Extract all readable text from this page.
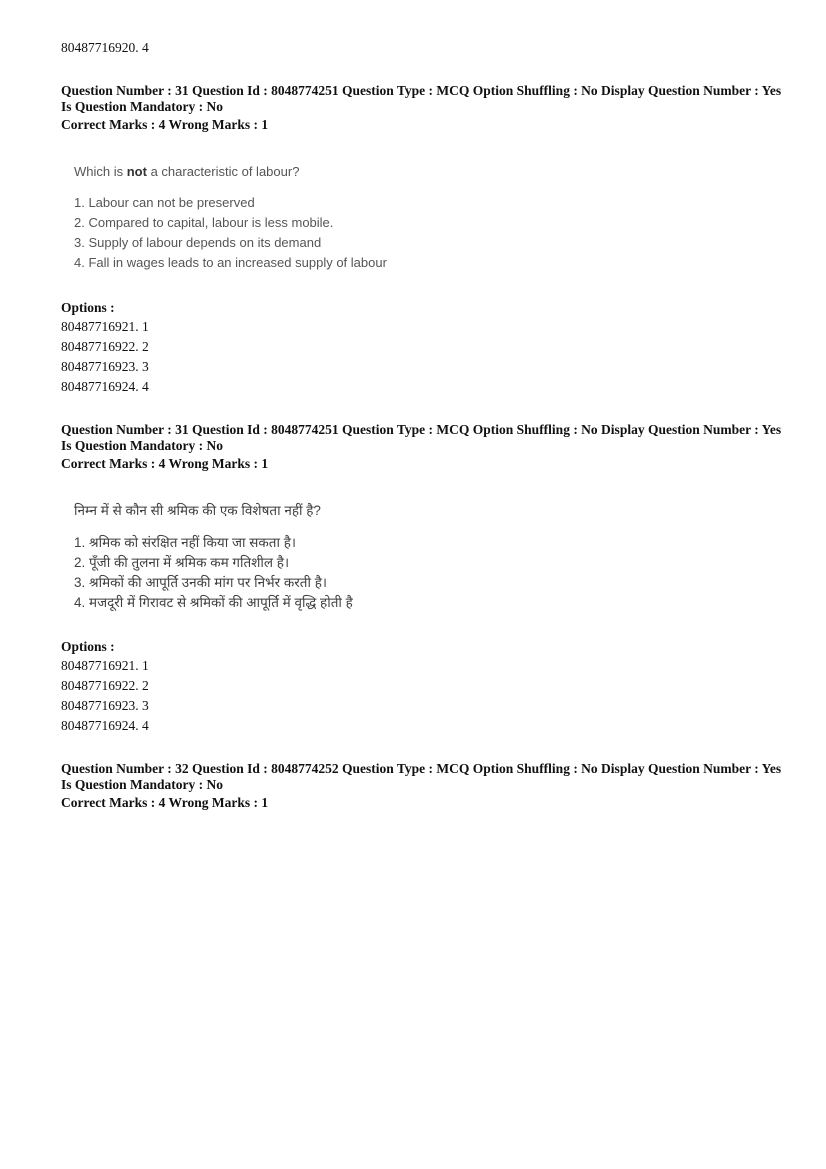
80487716920. 4
Question Number : 31 Question Id : 8048774251 Question Type : MCQ Option Shuffling : No Display Question Number : Yes
Is Question Mandatory : No
Correct Marks : 4 Wrong Marks : 1
Which is not a characteristic of labour?
1. Labour can not be preserved
2. Compared to capital, labour is less mobile.
3. Supply of labour depends on its demand
4. Fall in wages leads to an increased supply of labour
Options :
80487716921. 1
80487716922. 2
80487716923. 3
80487716924. 4
Question Number : 31 Question Id : 8048774251 Question Type : MCQ Option Shuffling : No Display Question Number : Yes
Is Question Mandatory : No
Correct Marks : 4 Wrong Marks : 1
निम्न में से कौन सी श्रमिक की एक विशेषता नहीं है?
1. श्रमिक को संरक्षित नहीं किया जा सकता है।
2. पूँजी की तुलना में श्रमिक कम गतिशील है।
3. श्रमिकों की आपूर्ति उनकी मांग पर निर्भर करती है।
4. मजदूरी में गिरावट से श्रमिकों की आपूर्ति में वृद्धि होती है
Options :
80487716921. 1
80487716922. 2
80487716923. 3
80487716924. 4
Question Number : 32 Question Id : 8048774252 Question Type : MCQ Option Shuffling : No Display Question Number : Yes
Is Question Mandatory : No
Correct Marks : 4 Wrong Marks : 1
